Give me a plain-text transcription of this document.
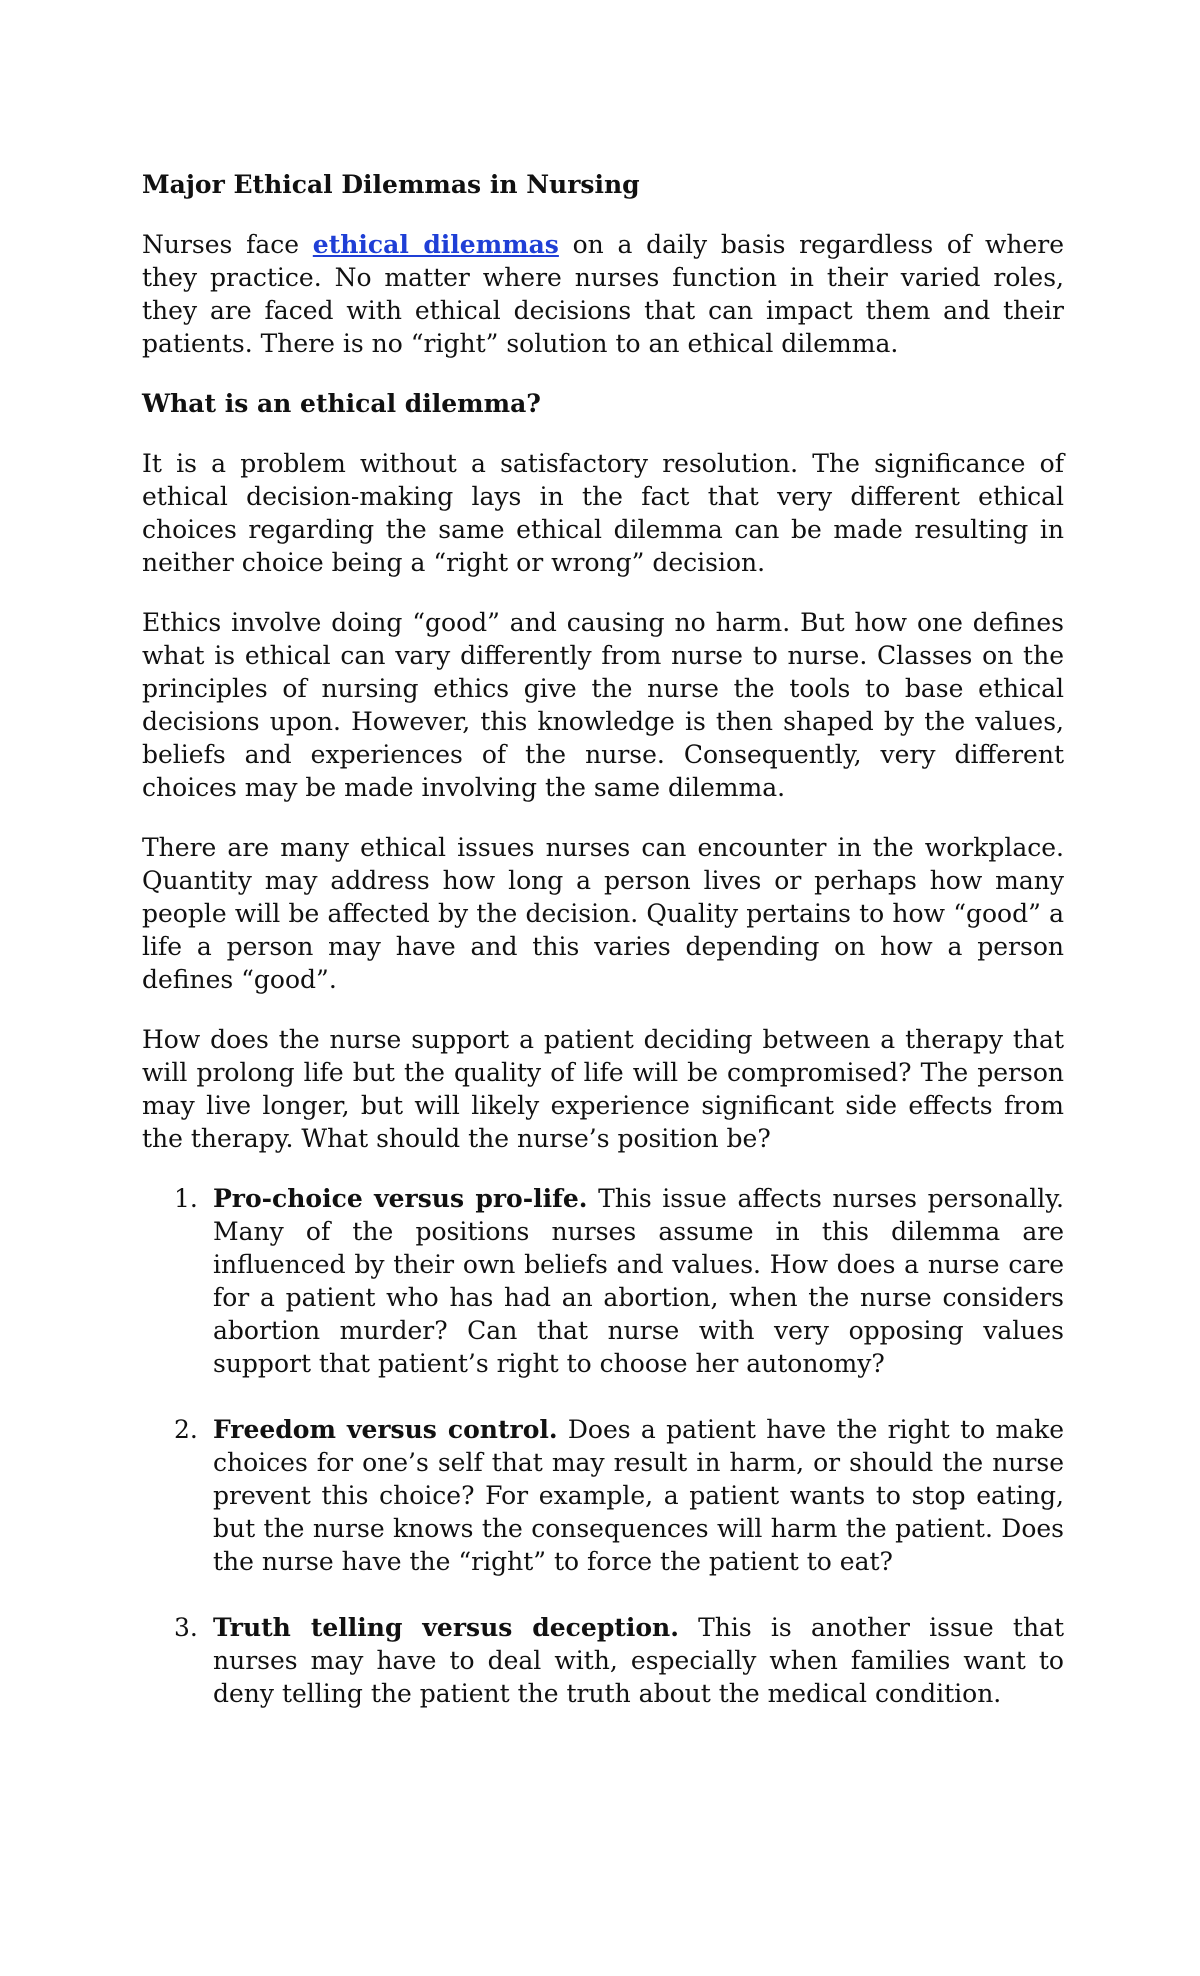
Major Ethical Dilemmas in Nursing

Nurses face ethical dilemmas on a daily basis regardless of where they practice. No matter where nurses function in their varied roles, they are faced with ethical decisions that can impact them and their patients. There is no “right” solution to an ethical dilemma.

What is an ethical dilemma?

It is a problem without a satisfactory resolution. The significance of ethical decision-making lays in the fact that very different ethical choices regarding the same ethical dilemma can be made resulting in neither choice being a “right or wrong” decision.

Ethics involve doing “good” and causing no harm. But how one defines what is ethical can vary differently from nurse to nurse. Classes on the principles of nursing ethics give the nurse the tools to base ethical decisions upon. However, this knowledge is then shaped by the values, beliefs and experiences of the nurse. Consequently, very different choices may be made involving the same dilemma.

There are many ethical issues nurses can encounter in the workplace. Quantity may address how long a person lives or perhaps how many people will be affected by the decision. Quality pertains to how “good” a life a person may have and this varies depending on how a person defines “good”.

How does the nurse support a patient deciding between a therapy that will prolong life but the quality of life will be compromised? The person may live longer, but will likely experience significant side effects from the therapy. What should the nurse’s position be?

1. Pro-choice versus pro-life. This issue affects nurses personally. Many of the positions nurses assume in this dilemma are influenced by their own beliefs and values. How does a nurse care for a patient who has had an abortion, when the nurse considers abortion murder? Can that nurse with very opposing values support that patient’s right to choose her autonomy?
2. Freedom versus control. Does a patient have the right to make choices for one’s self that may result in harm, or should the nurse prevent this choice? For example, a patient wants to stop eating, but the nurse knows the consequences will harm the patient. Does the nurse have the “right” to force the patient to eat?
3. Truth telling versus deception. This is another issue that nurses may have to deal with, especially when families want to deny telling the patient the truth about the medical condition.
